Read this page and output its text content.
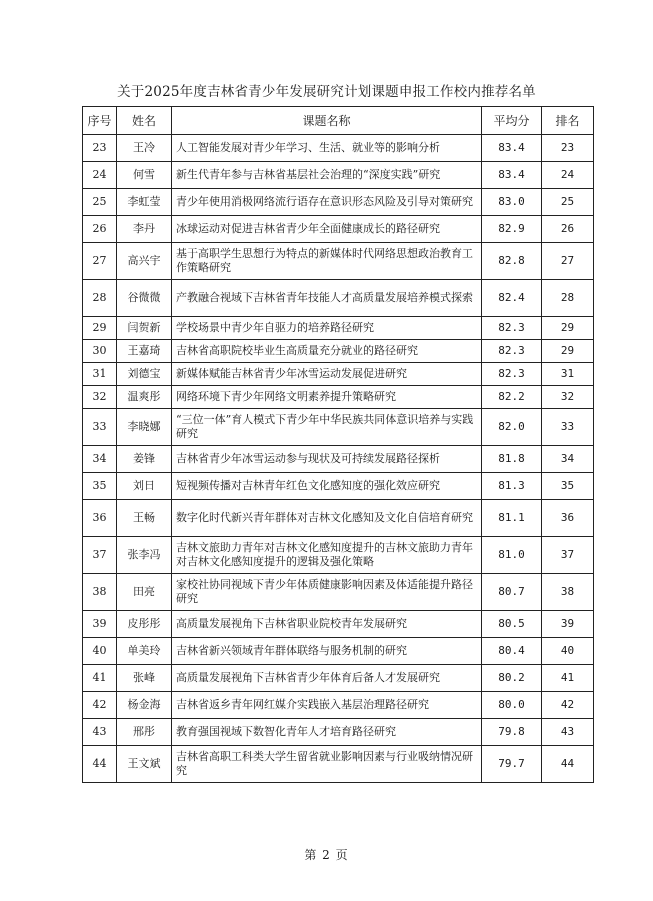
关于2025年度吉林省青少年发展研究计划课题申报工作校内推荐名单
序号	姓名	课题名称	平均分	排名
23	王冷	人工智能发展对青少年学习、生活、就业等的影响分析	83.4	23
24	何雪	新生代青年参与吉林省基层社会治理的“深度实践”研究	83.4	24
25	李虹莹	青少年使用消极网络流行语存在意识形态风险及引导对策研究	83.0	25
26	李丹	冰球运动对促进吉林省青少年全面健康成长的路径研究	82.9	26
27	高兴宇	基于高职学生思想行为特点的新媒体时代网络思想政治教育工作策略研究	82.8	27
28	谷微微	产教融合视域下吉林省青年技能人才高质量发展培养模式探索	82.4	28
29	闫贺新	学校场景中青少年自驱力的培养路径研究	82.3	29
30	王嘉琦	吉林省高职院校毕业生高质量充分就业的路径研究	82.3	29
31	刘德宝	新媒体赋能吉林省青少年冰雪运动发展促进研究	82.3	31
32	温爽彤	网络环境下青少年网络文明素养提升策略研究	82.2	32
33	李晓娜	“三位一体”育人模式下青少年中华民族共同体意识培养与实践研究	82.0	33
34	姜锋	吉林省青少年冰雪运动参与现状及可持续发展路径探析	81.8	34
35	刘日	短视频传播对吉林青年红色文化感知度的强化效应研究	81.3	35
36	王畅	数字化时代新兴青年群体对吉林文化感知及文化自信培育研究	81.1	36
37	张李冯	吉林文旅助力青年对吉林文化感知度提升的吉林文旅助力青年对吉林文化感知度提升的逻辑及强化策略	81.0	37
38	田亮	家校社协同视域下青少年体质健康影响因素及体适能提升路径研究	80.7	38
39	皮彤彤	高质量发展视角下吉林省职业院校青年发展研究	80.5	39
40	单美玲	吉林省新兴领域青年群体联络与服务机制的研究	80.4	40
41	张峰	高质量发展视角下吉林省青少年体育后备人才发展研究	80.2	41
42	杨金海	吉林省返乡青年网红媒介实践嵌入基层治理路径研究	80.0	42
43	邢彤	教育强国视域下数智化青年人才培育路径研究	79.8	43
44	王文斌	吉林省高职工科类大学生留省就业影响因素与行业吸纳情况研究	79.7	44
第 2 页
